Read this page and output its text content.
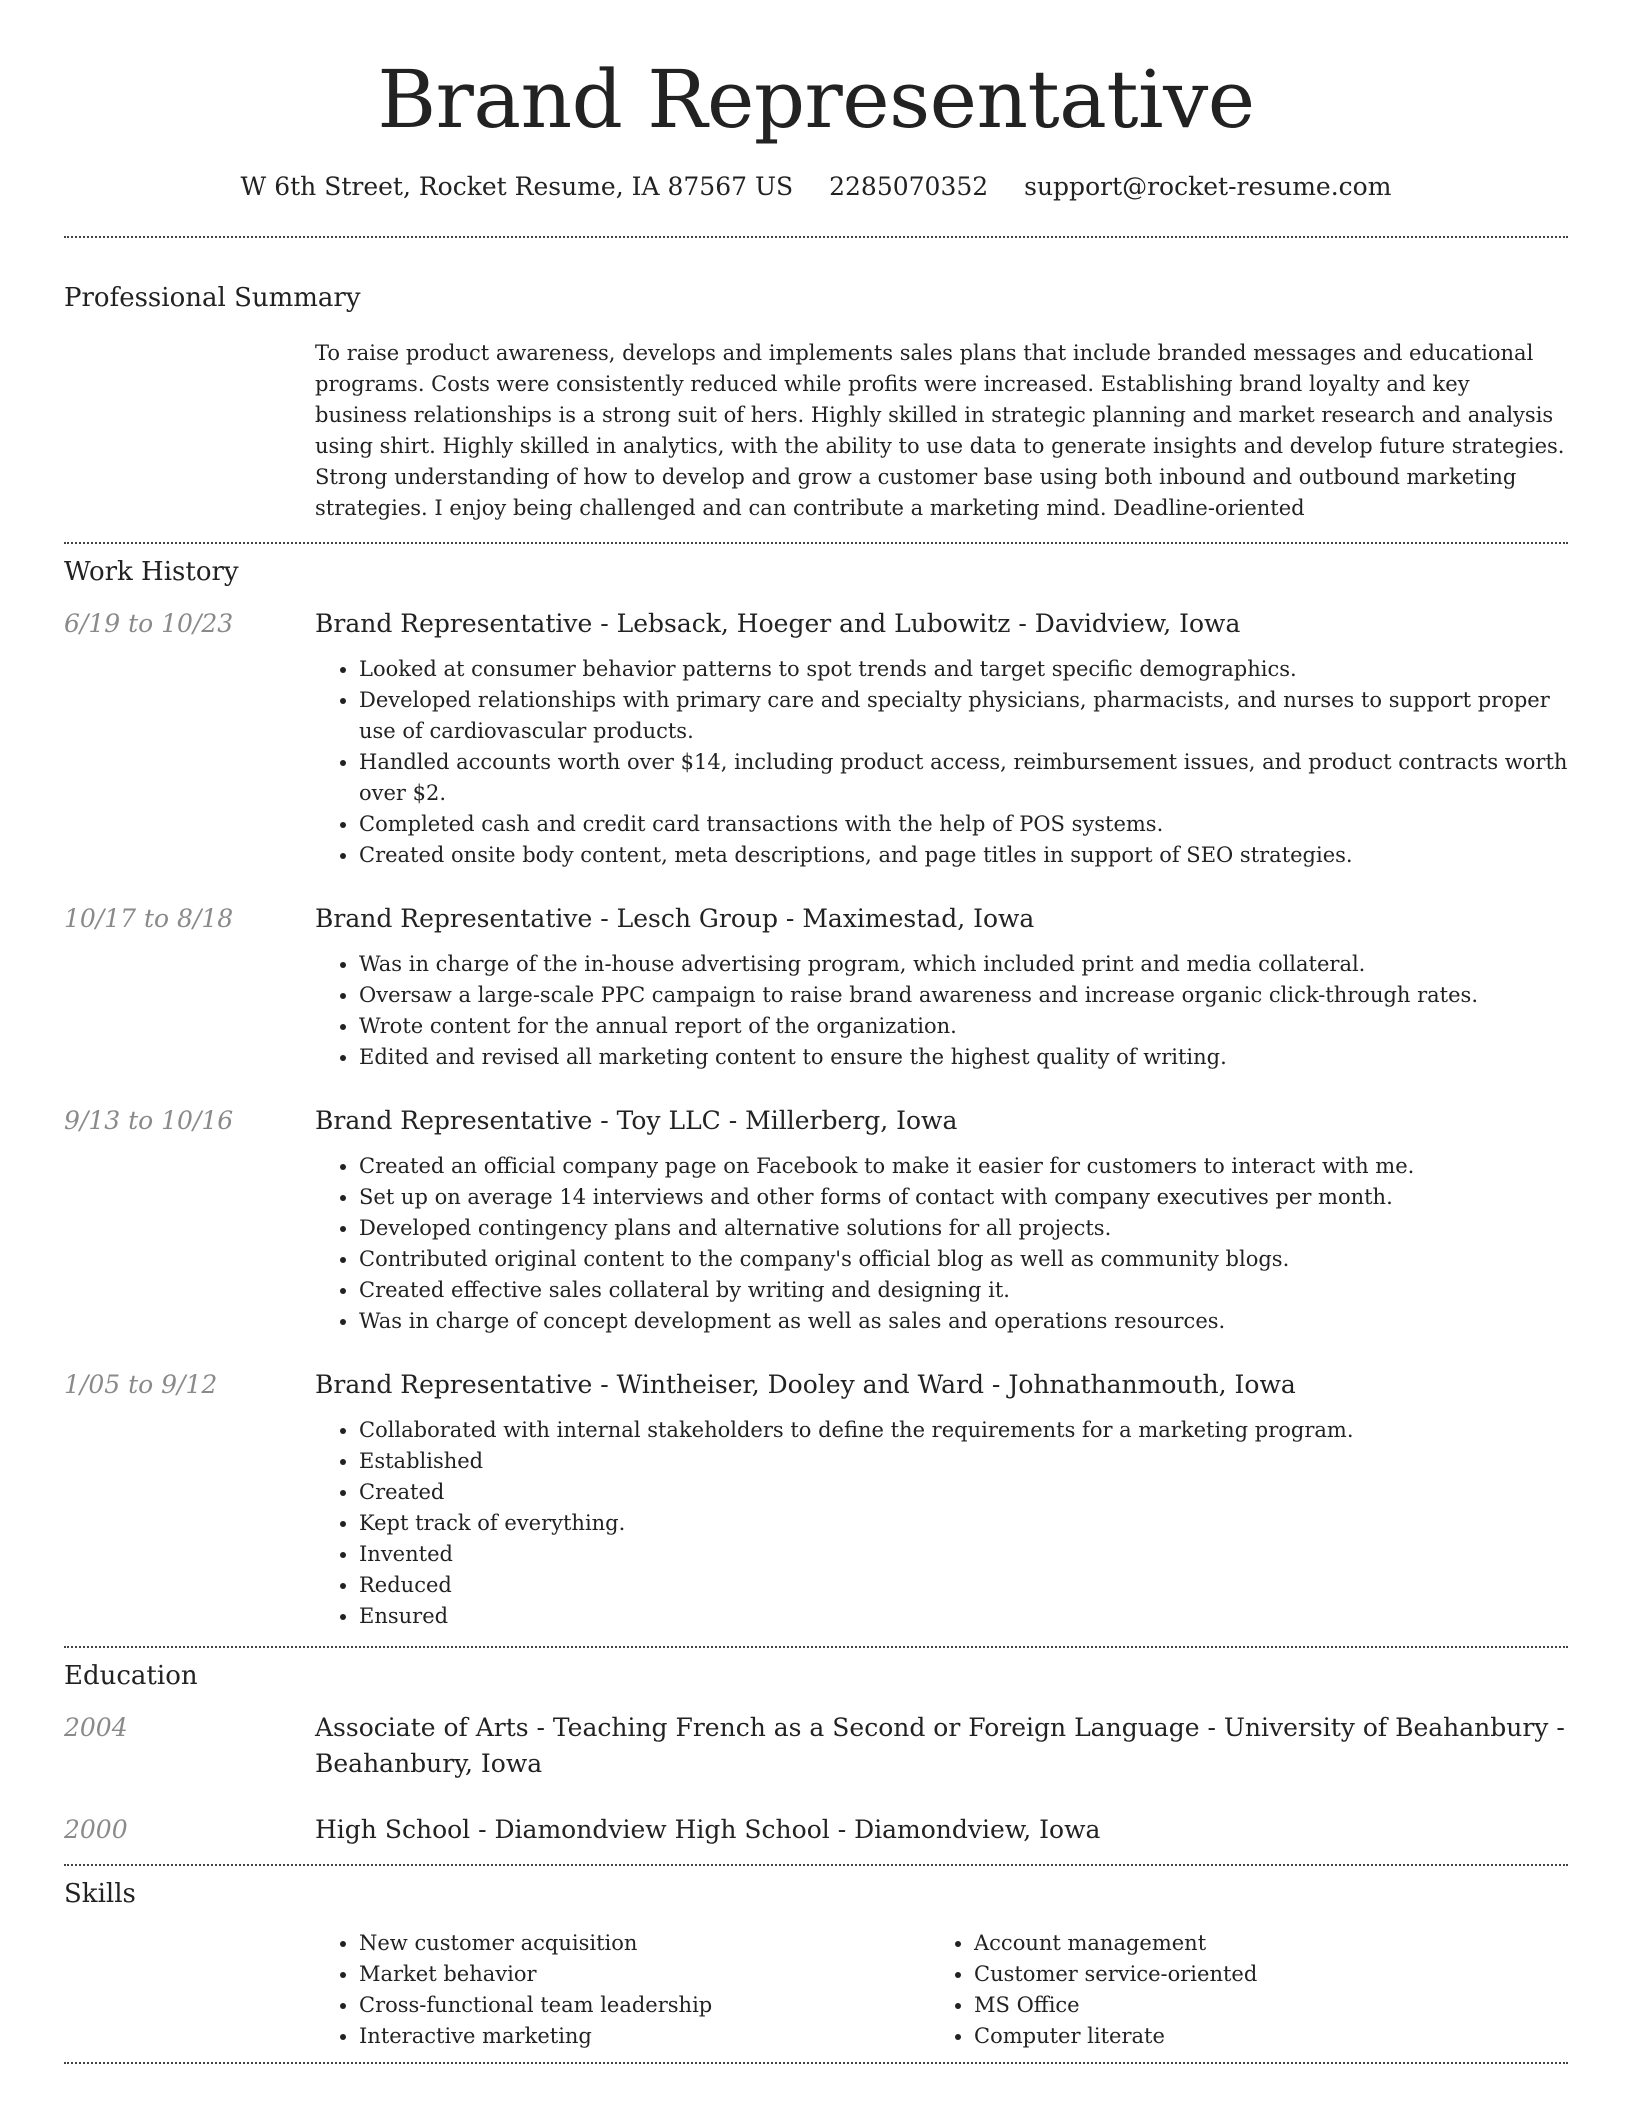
Brand Representative
W 6th Street, Rocket Resume, IA 87567 US 2285070352 support@rocket-resume.com
Professional Summary

To raise product awareness, develops and implements sales plans that include branded messages and educational programs. Costs were consistently reduced while profits were increased. Establishing brand loyalty and key business relationships is a strong suit of hers. Highly skilled in strategic planning and market research and analysis using shirt. Highly skilled in analytics, with the ability to use data to generate insights and develop future strategies. Strong understanding of how to develop and grow a customer base using both inbound and outbound marketing strategies. I enjoy being challenged and can contribute a marketing mind. Deadline-oriented

Work History
6/19 to 10/23	Brand Representative - Lebsack, Hoeger and Lubowitz - Davidview, Iowa
• Looked at consumer behavior patterns to spot trends and target specific demographics.
• Developed relationships with primary care and specialty physicians, pharmacists, and nurses to support proper use of cardiovascular products.
• Handled accounts worth over $14, including product access, reimbursement issues, and product contracts worth over $2.
• Completed cash and credit card transactions with the help of POS systems.
• Created onsite body content, meta descriptions, and page titles in support of SEO strategies.
10/17 to 8/18	Brand Representative - Lesch Group - Maximestad, Iowa
• Was in charge of the in-house advertising program, which included print and media collateral.
• Oversaw a large-scale PPC campaign to raise brand awareness and increase organic click-through rates.
• Wrote content for the annual report of the organization.
• Edited and revised all marketing content to ensure the highest quality of writing.
9/13 to 10/16	Brand Representative - Toy LLC - Millerberg, Iowa
• Created an official company page on Facebook to make it easier for customers to interact with me.
• Set up on average 14 interviews and other forms of contact with company executives per month.
• Developed contingency plans and alternative solutions for all projects.
• Contributed original content to the company's official blog as well as community blogs.
• Created effective sales collateral by writing and designing it.
• Was in charge of concept development as well as sales and operations resources.
1/05 to 9/12	Brand Representative - Wintheiser, Dooley and Ward - Johnathanmouth, Iowa
• Collaborated with internal stakeholders to define the requirements for a marketing program.
• Established
• Created
• Kept track of everything.
• Invented
• Reduced
• Ensured
Education
2004	Associate of Arts - Teaching French as a Second or Foreign Language - University of Beahanbury - Beahanbury, Iowa
2000	High School - Diamondview High School - Diamondview, Iowa
Skills
• New customer acquisition
• Market behavior
• Cross-functional team leadership
• Interactive marketing
• Account management
• Customer service-oriented
• MS Office
• Computer literate
